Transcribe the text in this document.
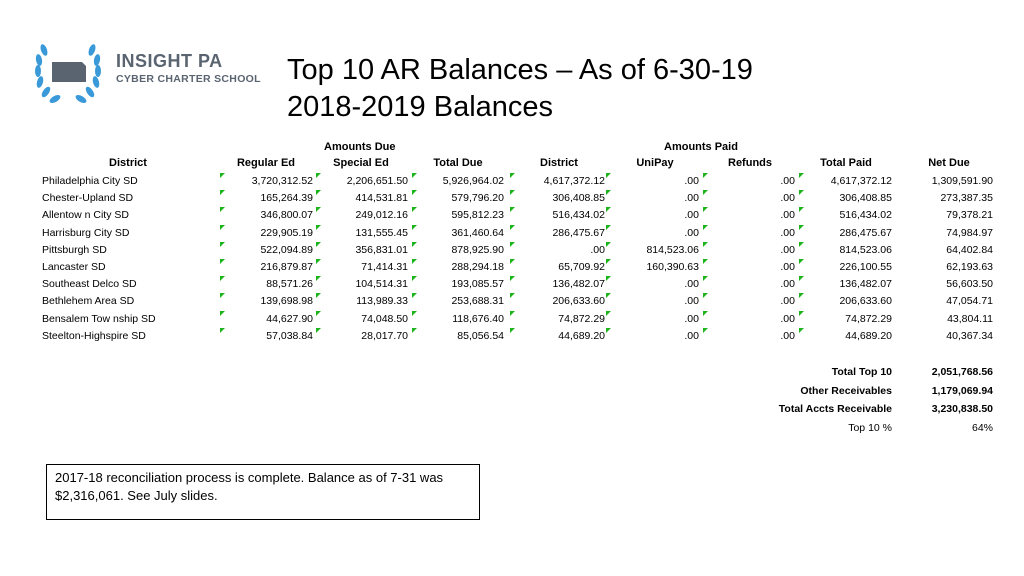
INSIGHT PA
CYBER CHARTER SCHOOL Top 10 AR Balances – As of 6-30-19
2018-2019 Balances
Amounts Due	Amounts Paid
District	Regular Ed	Special Ed	Total Due	District	UniPay	Refunds	Total Paid	Net Due
Philadelphia City SD	3,720,312.52	2,206,651.50	5,926,964.02	4,617,372.12	.00	.00	4,617,372.12	1,309,591.90
Chester-Upland SD	165,264.39	414,531.81	579,796.20	306,408.85	.00	.00	306,408.85	273,387.35
Allentow n City SD	346,800.07	249,012.16	595,812.23	516,434.02	.00	.00	516,434.02	79,378.21
Harrisburg City SD	229,905.19	131,555.45	361,460.64	286,475.67	.00	.00	286,475.67	74,984.97
Pittsburgh SD	522,094.89	356,831.01	878,925.90	.00	814,523.06	.00	814,523.06	64,402.84
Lancaster SD	216,879.87	71,414.31	288,294.18	65,709.92	160,390.63	.00	226,100.55	62,193.63
Southeast Delco SD	88,571.26	104,514.31	193,085.57	136,482.07	.00	.00	136,482.07	56,603.50
Bethlehem Area SD	139,698.98	113,989.33	253,688.31	206,633.60	.00	.00	206,633.60	47,054.71
Bensalem Tow nship SD	44,627.90	74,048.50	118,676.40	74,872.29	.00	.00	74,872.29	43,804.11
Steelton-Highspire SD	57,038.84	28,017.70	85,056.54	44,689.20	.00	.00	44,689.20	40,367.34
Total Top 10	2,051,768.56
Other Receivables	1,179,069.94
Total Accts Receivable	3,230,838.50
Top 10 %	64%
2017-18 reconciliation process is complete. Balance as of 7-31 was $2,316,061. See July slides.
